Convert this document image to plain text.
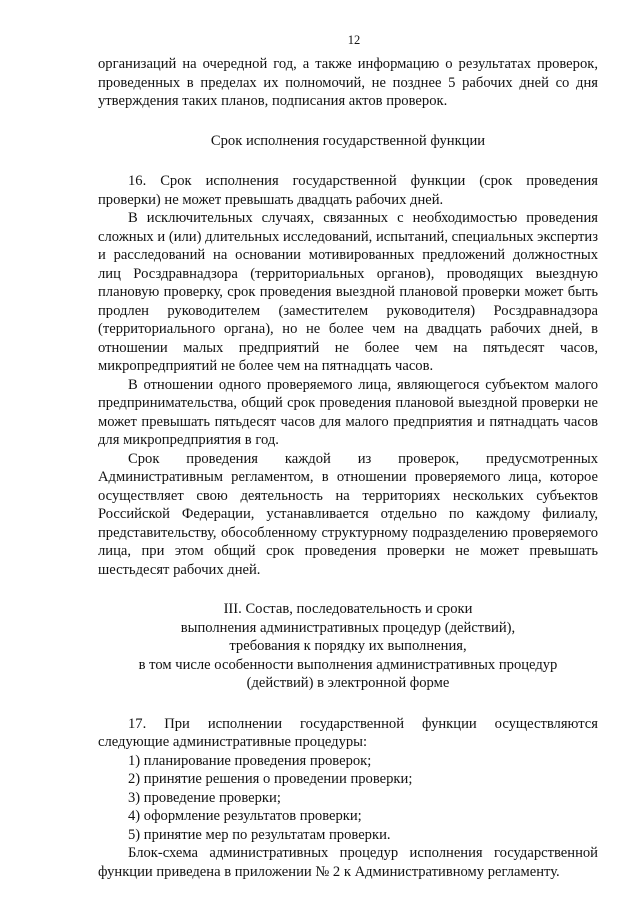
12

организаций на очередной год, а также информацию о результатах проверок, проведенных в пределах их полномочий, не позднее 5 рабочих дней со дня утверждения таких планов, подписания актов проверок.

Срок исполнения государственной функции

16. Срок исполнения государственной функции (срок проведения проверки) не может превышать двадцать рабочих дней.

В исключительных случаях, связанных с необходимостью проведения сложных и (или) длительных исследований, испытаний, специальных экспертиз и расследований на основании мотивированных предложений должностных лиц Росздравнадзора (территориальных органов), проводящих выездную плановую проверку, срок проведения выездной плановой проверки может быть продлен руководителем (заместителем руководителя) Росздравнадзора (территориального органа), но не более чем на двадцать рабочих дней, в отношении малых предприятий не более чем на пятьдесят часов, микропредприятий не более чем на пятнадцать часов.

В отношении одного проверяемого лица, являющегося субъектом малого предпринимательства, общий срок проведения плановой выездной проверки не может превышать пятьдесят часов для малого предприятия и пятнадцать часов для микропредприятия в год.

Срок проведения каждой из проверок, предусмотренных Административным регламентом, в отношении проверяемого лица, которое осуществляет свою деятельность на территориях нескольких субъектов Российской Федерации, устанавливается отдельно по каждому филиалу, представительству, обособленному структурному подразделению проверяемого лица, при этом общий срок проведения проверки не может превышать шестьдесят рабочих дней.

III. Состав, последовательность и сроки
выполнения административных процедур (действий),
требования к порядку их выполнения,
в том числе особенности выполнения административных процедур
(действий) в электронной форме

17. При исполнении государственной функции осуществляются следующие административные процедуры:

1) планирование проведения проверок;

2) принятие решения о проведении проверки;

3) проведение проверки;

4) оформление результатов проверки;

5) принятие мер по результатам проверки.

Блок-схема административных процедур исполнения государственной функции приведена в приложении № 2 к Административному регламенту.
